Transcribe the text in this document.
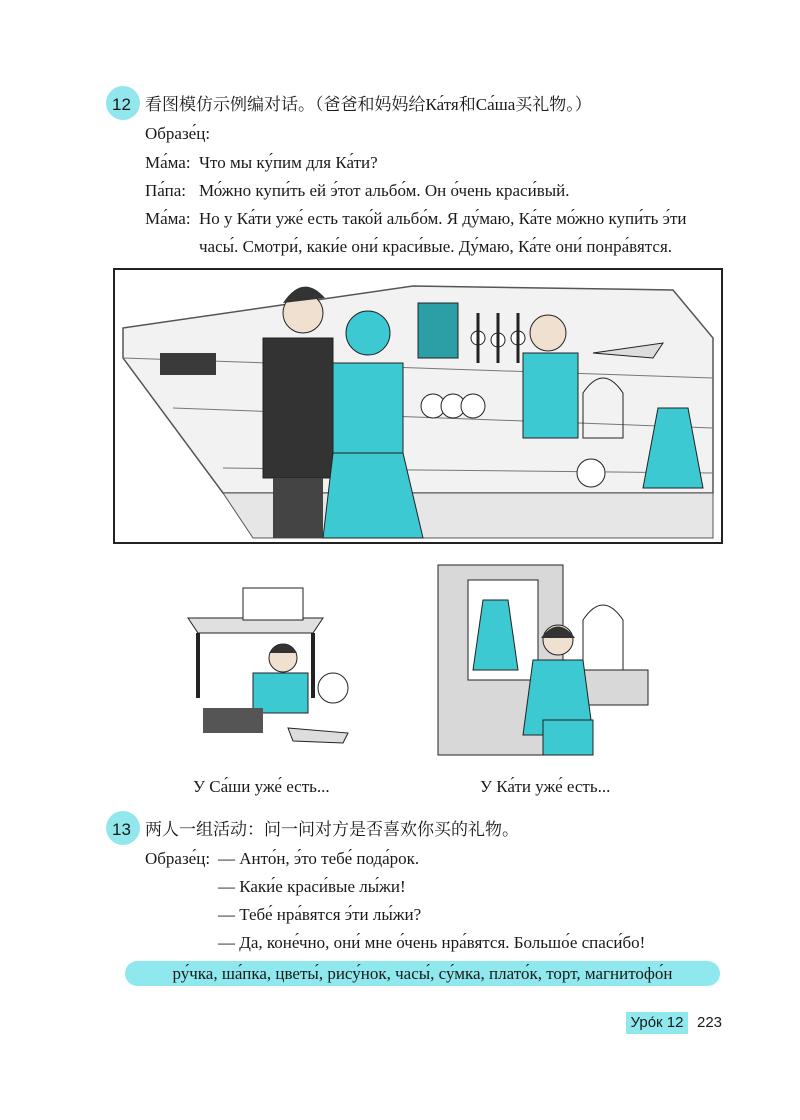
12 看图模仿示例编对话。（爸爸和妈妈给Ка́тя和Са́ша买礼物。）
Образе́ц:
Ма́ма: Что мы ку́пим для Ка́ти?
Па́па: Мо́жно купи́ть ей э́тот альбо́м. Он о́чень краси́вый.
Ма́ма: Но у Ка́ти уже́ есть тако́й альбо́м. Я ду́маю, Ка́те мо́жно купи́ть э́ти
часы́. Смотри́, каки́е они́ краси́вые. Ду́маю, Ка́те они́ понра́вятся.
У Са́ши уже́ есть...	У Ка́ти уже́ есть...
13 两人一组活动：问一问对方是否喜欢你买的礼物。
Образе́ц: — Анто́н, э́то тебе́ пода́рок.
— Каки́е краси́вые лы́жи!
— Тебе́ нра́вятся э́ти лы́жи?
— Да, коне́чно, они́ мне о́чень нра́вятся. Большо́е спаси́бо!
ру́чка, ша́пка, цветы́, рису́нок, часы́, су́мка, плато́к, торт, магнитофо́н
Уро́к 12 223
